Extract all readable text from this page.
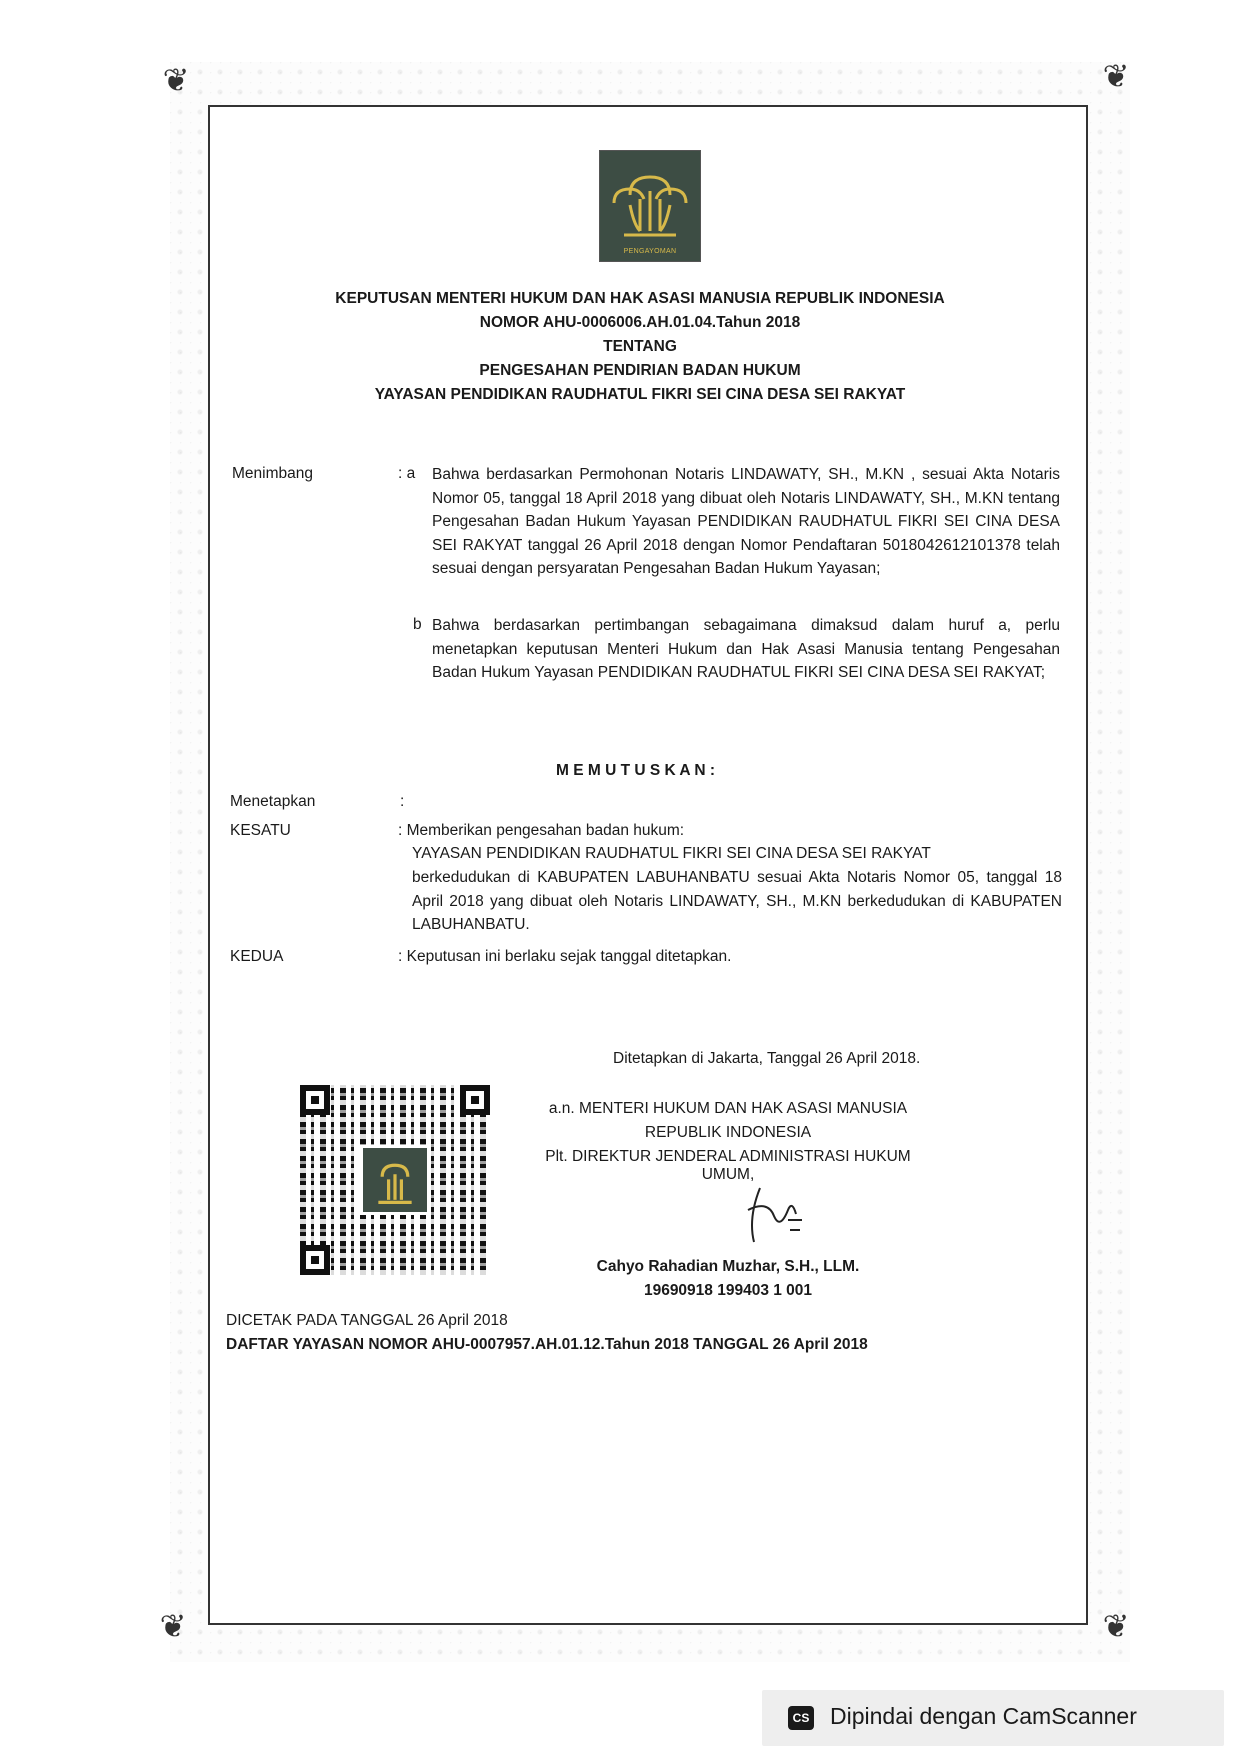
❦	❦
❦	❦
PENGAYOMAN
KEPUTUSAN MENTERI HUKUM DAN HAK ASASI MANUSIA REPUBLIK INDONESIA
NOMOR AHU-0006006.AH.01.04.Tahun 2018
TENTANG
PENGESAHAN PENDIRIAN BADAN HUKUM
YAYASAN PENDIDIKAN RAUDHATUL FIKRI SEI CINA DESA SEI RAKYAT
Menimbang	: a Bahwa berdasarkan Permohonan Notaris LINDAWATY, SH., M.KN , sesuai Akta Notaris Nomor 05, tanggal 18 April 2018 yang dibuat oleh Notaris LINDAWATY, SH., M.KN tentang Pengesahan Badan Hukum Yayasan PENDIDIKAN RAUDHATUL FIKRI SEI CINA DESA SEI RAKYAT tanggal 26 April 2018 dengan Nomor Pendaftaran 5018042612101378 telah sesuai dengan persyaratan Pengesahan Badan Hukum Yayasan;
b Bahwa berdasarkan pertimbangan sebagaimana dimaksud dalam huruf a, perlu menetapkan keputusan Menteri Hukum dan Hak Asasi Manusia tentang Pengesahan Badan Hukum Yayasan PENDIDIKAN RAUDHATUL FIKRI SEI CINA DESA SEI RAKYAT;
M E M U T U S K A N :
Menetapkan	:
KESATU	: Memberikan pengesahan badan hukum:
YAYASAN PENDIDIKAN RAUDHATUL FIKRI SEI CINA DESA SEI RAKYAT
berkedudukan di KABUPATEN LABUHANBATU sesuai Akta Notaris Nomor 05, tanggal 18 April 2018 yang dibuat oleh Notaris LINDAWATY, SH., M.KN berkedudukan di KABUPATEN LABUHANBATU.
KEDUA	: Keputusan ini berlaku sejak tanggal ditetapkan.
Ditetapkan di Jakarta, Tanggal 26 April 2018.
a.n. MENTERI HUKUM DAN HAK ASASI MANUSIA
REPUBLIK INDONESIA
Plt. DIREKTUR JENDERAL ADMINISTRASI HUKUM UMUM,
Cahyo Rahadian Muzhar, S.H., LLM.
19690918 199403 1 001
DICETAK PADA TANGGAL 26 April 2018
DAFTAR YAYASAN NOMOR AHU-0007957.AH.01.12.Tahun 2018 TANGGAL 26 April 2018
CS Dipindai dengan CamScanner
